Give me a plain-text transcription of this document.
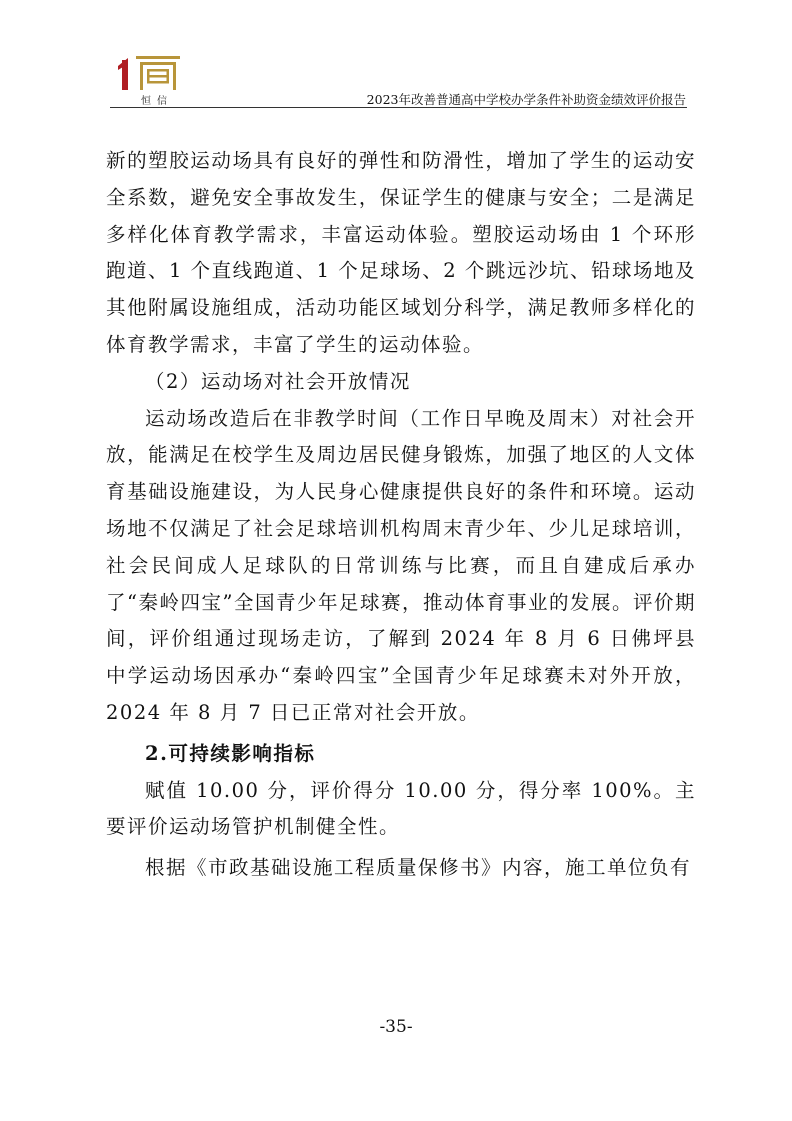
恒信	2023年改善普通高中学校办学条件补助资金绩效评价报告

新的塑胶运动场具有良好的弹性和防滑性，增加了学生的运动安全系数，避免安全事故发生，保证学生的健康与安全；二是满足多样化体育教学需求，丰富运动体验。塑胶运动场由 1 个环形跑道、1 个直线跑道、1 个足球场、2 个跳远沙坑、铅球场地及其他附属设施组成，活动功能区域划分科学，满足教师多样化的体育教学需求，丰富了学生的运动体验。

（2）运动场对社会开放情况

运动场改造后在非教学时间（工作日早晚及周末）对社会开放，能满足在校学生及周边居民健身锻炼，加强了地区的人文体育基础设施建设，为人民身心健康提供良好的条件和环境。运动场地不仅满足了社会足球培训机构周末青少年、少儿足球培训，社会民间成人足球队的日常训练与比赛，而且自建成后承办了“秦岭四宝”全国青少年足球赛，推动体育事业的发展。评价期间，评价组通过现场走访，了解到 2024 年 8 月 6 日佛坪县中学运动场因承办“秦岭四宝”全国青少年足球赛未对外开放，2024 年 8 月 7 日已正常对社会开放。

2.可持续影响指标

赋值 10.00 分，评价得分 10.00 分，得分率 100%。主要评价运动场管护机制健全性。

根据《市政基础设施工程质量保修书》内容，施工单位负有

-35-
